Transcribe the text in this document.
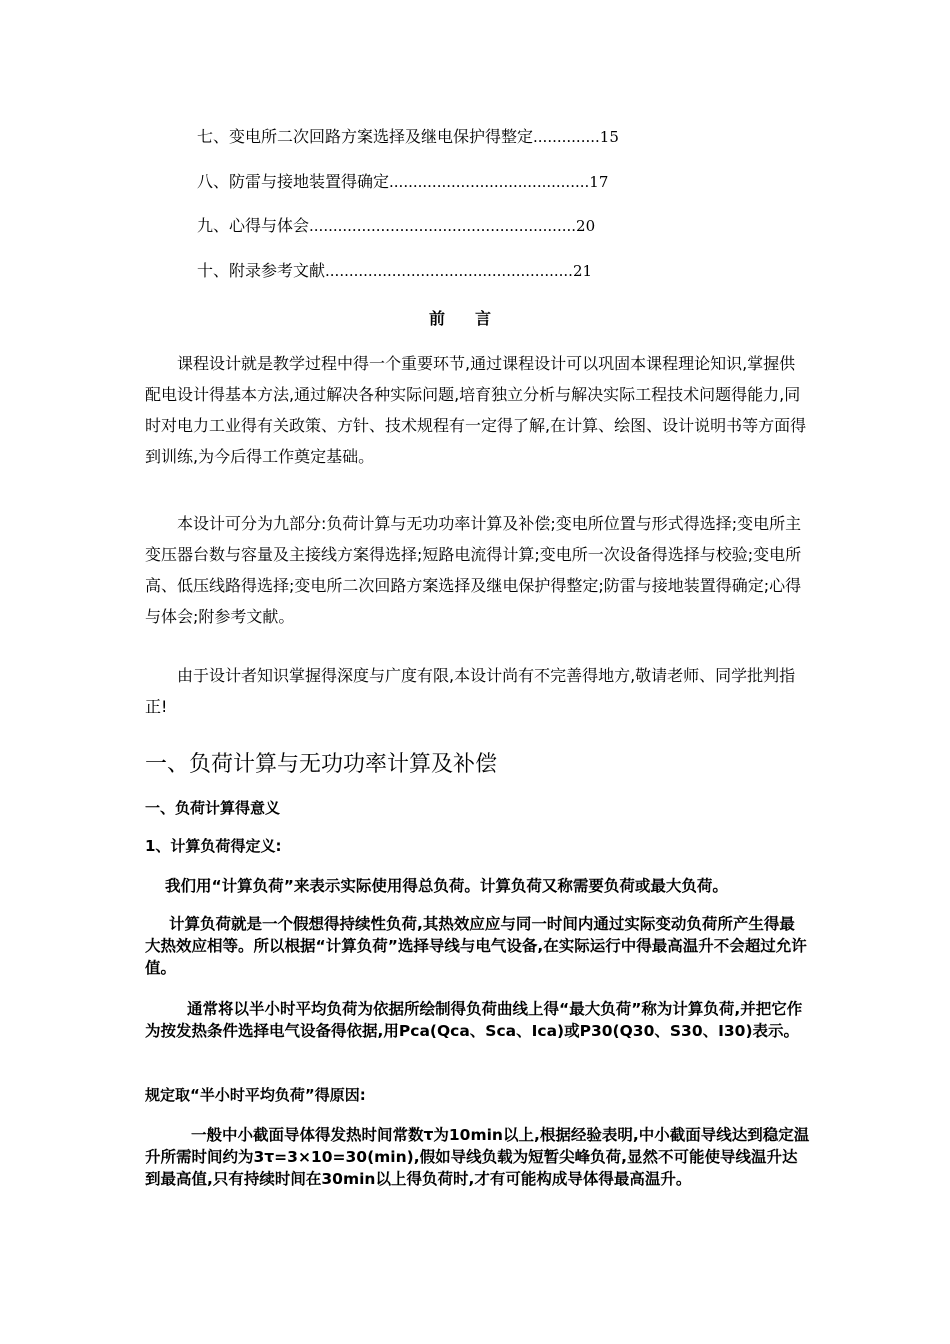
七、变电所二次回路方案选择及继电保护得整定..............15
八、防雷与接地装置得确定..........................................17
九、心得与体会........................................................20
十、附录参考文献....................................................21
前言
课程设计就是教学过程中得一个重要环节,通过课程设计可以巩固本课程理论知识,掌握供配电设计得基本方法,通过解决各种实际问题,培育独立分析与解决实际工程技术问题得能力,同时对电力工业得有关政策、方针、技术规程有一定得了解,在计算、绘图、设计说明书等方面得到训练,为今后得工作奠定基础。
本设计可分为九部分:负荷计算与无功功率计算及补偿;变电所位置与形式得选择;变电所主变压器台数与容量及主接线方案得选择;短路电流得计算;变电所一次设备得选择与校验;变电所高、低压线路得选择;变电所二次回路方案选择及继电保护得整定;防雷与接地装置得确定;心得与体会;附参考文献。
由于设计者知识掌握得深度与广度有限,本设计尚有不完善得地方,敬请老师、同学批判指正!
一、负荷计算与无功功率计算及补偿
一、负荷计算得意义
1、计算负荷得定义:
我们用“计算负荷”来表示实际使用得总负荷。计算负荷又称需要负荷或最大负荷。
计算负荷就是一个假想得持续性负荷,其热效应应与同一时间内通过实际变动负荷所产生得最大热效应相等。所以根据“计算负荷”选择导线与电气设备,在实际运行中得最高温升不会超过允许值。
通常将以半小时平均负荷为依据所绘制得负荷曲线上得“最大负荷”称为计算负荷,并把它作为按发热条件选择电气设备得依据,用Pca(Qca、Sca、Ica)或P30(Q30、S30、I30)表示。
规定取“半小时平均负荷”得原因:
一般中小截面导体得发热时间常数τ为10min以上,根据经验表明,中小截面导线达到稳定温升所需时间约为3τ=3×10=30(min),假如导线负载为短暂尖峰负荷,显然不可能使导线温升达到最高值,只有持续时间在30min以上得负荷时,才有可能构成导体得最高温升。
